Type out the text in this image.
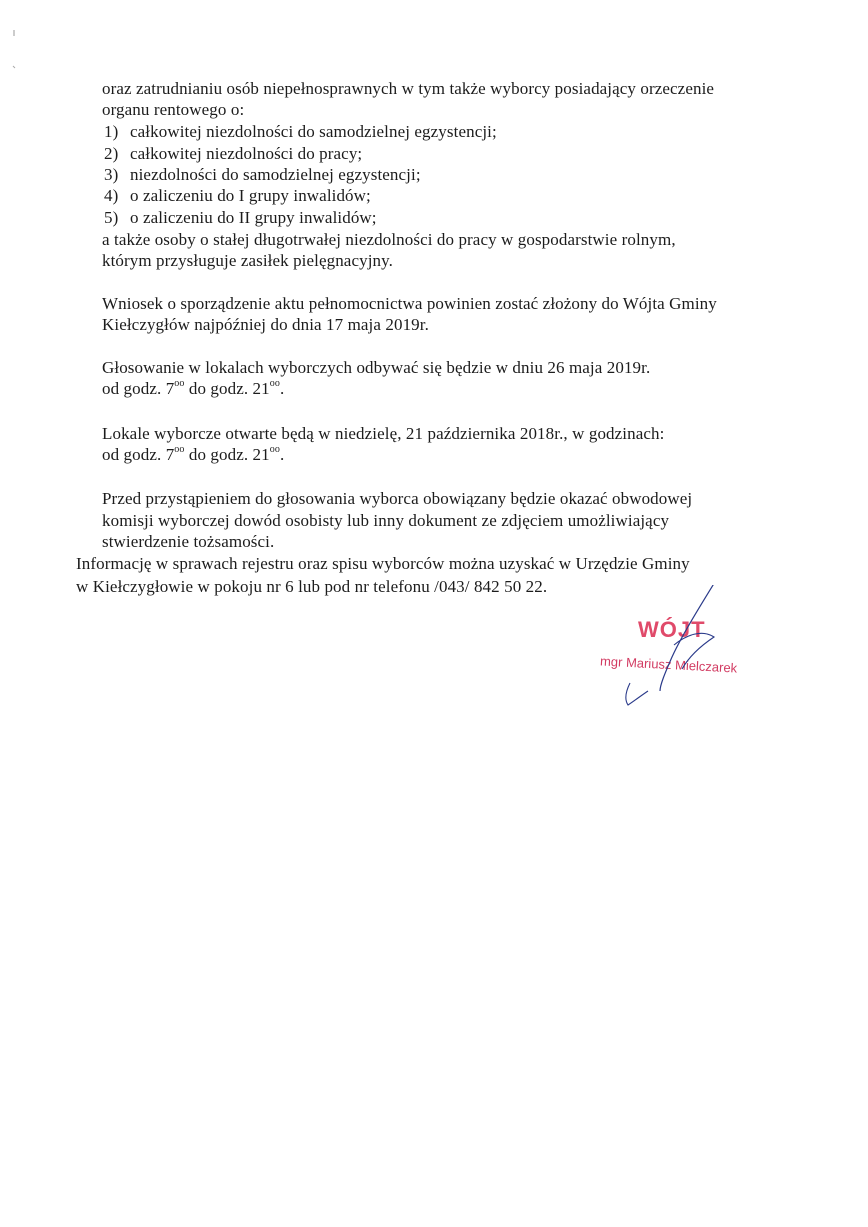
oraz zatrudnianiu osób niepełnosprawnych w tym także wyborcy posiadający orzeczenie
organu rentowego o:
1) całkowitej niezdolności do samodzielnej egzystencji;
2) całkowitej niezdolności do pracy;
3) niezdolności do samodzielnej egzystencji;
4) o zaliczeniu do I grupy inwalidów;
5) o zaliczeniu do II grupy inwalidów;
a także osoby o stałej długotrwałej niezdolności do pracy w gospodarstwie rolnym,
którym przysługuje zasiłek pielęgnacyjny.
Wniosek o sporządzenie aktu pełnomocnictwa powinien zostać złożony do Wójta Gminy
Kiełczygłów najpóźniej do dnia 17 maja 2019r.
Głosowanie w lokalach wyborczych odbywać się będzie w dniu 26 maja 2019r.
od godz. $7^{oo}$ do godz. $21^{oo}$.
Lokale wyborcze otwarte będą w niedzielę, 21 października 2018r., w godzinach:
od godz. $7^{oo}$ do godz. $21^{oo}$.
Przed przystąpieniem do głosowania wyborca obowiązany będzie okazać obwodowej
komisji wyborczej dowód osobisty lub inny dokument ze zdjęciem umożliwiający
stwierdzenie tożsamości.
Informację w sprawach rejestru oraz spisu wyborców można uzyskać w Urzędzie Gminy
w Kiełczygłowie w pokoju nr 6 lub pod nr telefonu /043/ 842 50 22.
WÓJT
mgr Mariusz Mielczarek
